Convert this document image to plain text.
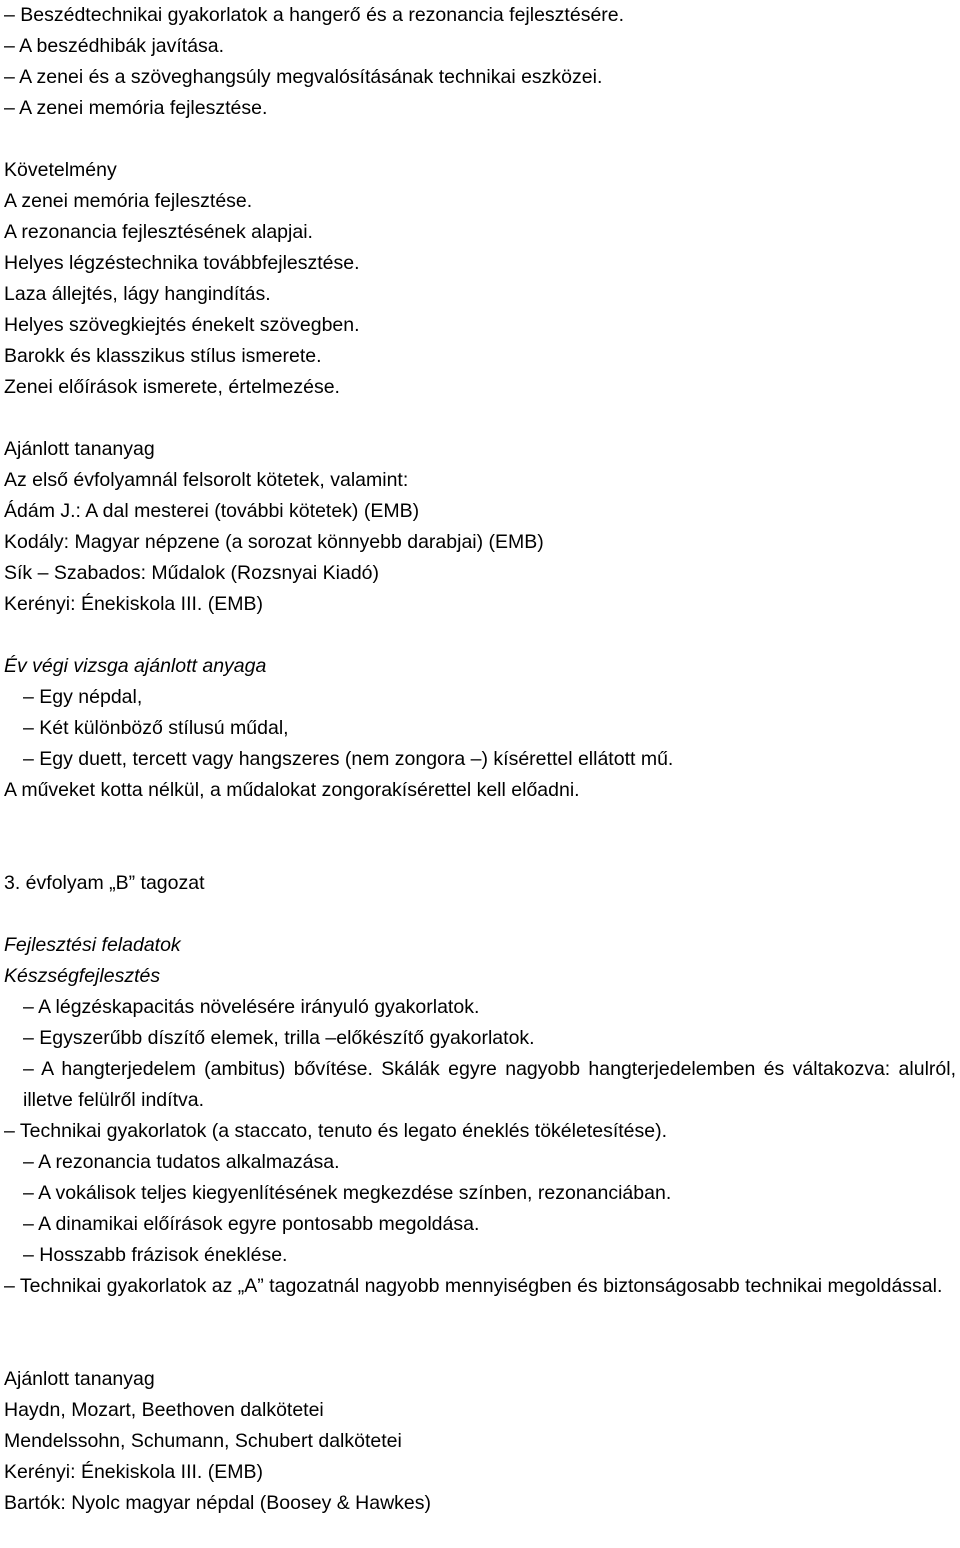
– Beszédtechnikai gyakorlatok a hangerő és a rezonancia fejlesztésére.
– A beszédhibák javítása.
– A zenei és a szöveghangsúly megvalósításának technikai eszközei.
– A zenei memória fejlesztése.
Követelmény
A zenei memória fejlesztése.
A rezonancia fejlesztésének alapjai.
Helyes légzéstechnika továbbfejlesztése.
Laza állejtés, lágy hangindítás.
Helyes szövegkiejtés énekelt szövegben.
Barokk és klasszikus stílus ismerete.
Zenei előírások ismerete, értelmezése.
Ajánlott tananyag
Az első évfolyamnál felsorolt kötetek, valamint:
Ádám J.: A dal mesterei (további kötetek) (EMB)
Kodály: Magyar népzene (a sorozat könnyebb darabjai) (EMB)
Sík – Szabados: Műdalok (Rozsnyai Kiadó)
Kerényi: Énekiskola III. (EMB)
Év végi vizsga ajánlott anyaga
– Egy népdal,
– Két különböző stílusú műdal,
– Egy duett, tercett vagy hangszeres (nem zongora –) kísérettel ellátott mű.
A műveket kotta nélkül, a műdalokat zongorakísérettel kell előadni.
3. évfolyam „B” tagozat
Fejlesztési feladatok
Készségfejlesztés
– A légzéskapacitás növelésére irányuló gyakorlatok.
– Egyszerűbb díszítő elemek, trilla –előkészítő gyakorlatok.
– A hangterjedelem (ambitus) bővítése. Skálák egyre nagyobb hangterjedelemben és váltakozva: alulról, illetve felülről indítva.
– Technikai gyakorlatok (a staccato, tenuto és legato éneklés tökéletesítése).
– A rezonancia tudatos alkalmazása.
– A vokálisok teljes kiegyenlítésének megkezdése színben, rezonanciában.
– A dinamikai előírások egyre pontosabb megoldása.
– Hosszabb frázisok éneklése.
– Technikai gyakorlatok az „A” tagozatnál nagyobb mennyiségben és biztonságosabb technikai megoldással.
Ajánlott tananyag
Haydn, Mozart, Beethoven dalkötetei
Mendelssohn, Schumann, Schubert dalkötetei
Kerényi: Énekiskola III. (EMB)
Bartók: Nyolc magyar népdal (Boosey & Hawkes)
